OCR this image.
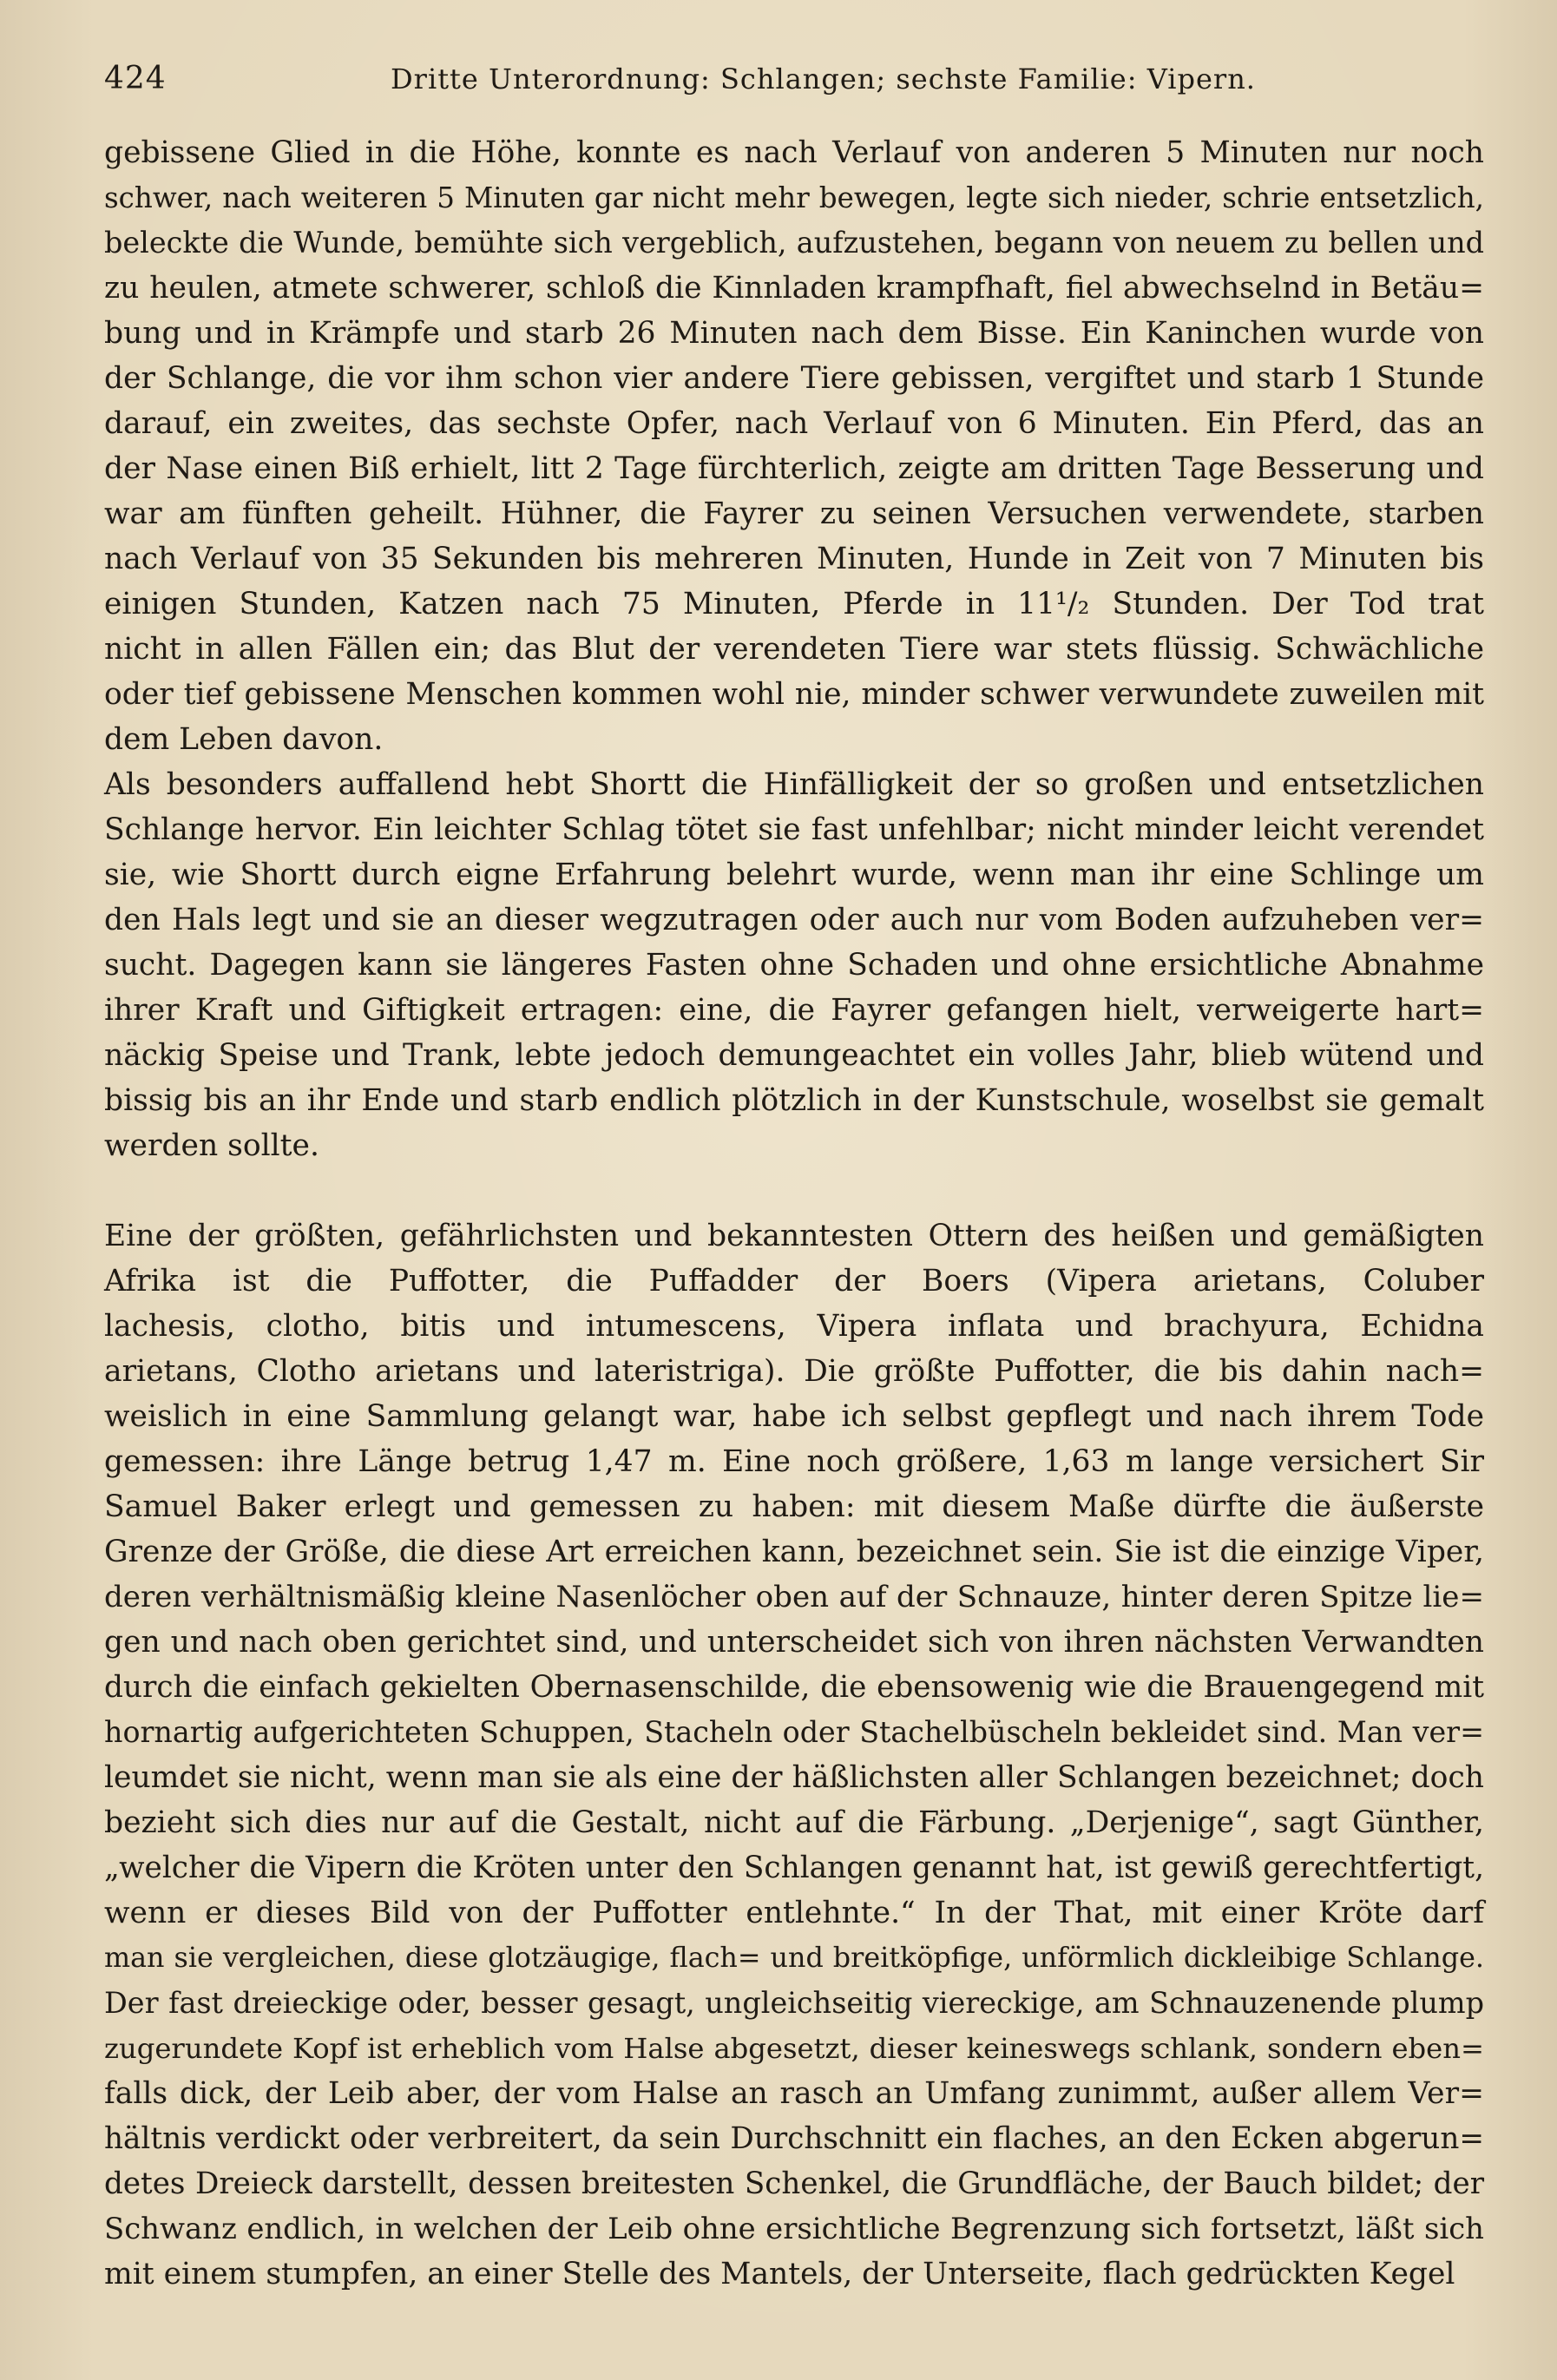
424	Dritte Unterordnung: Schlangen; sechste Familie: Vipern.
gebissene Glied in die Höhe, konnte es nach Verlauf von anderen 5 Minuten nur noch
schwer, nach weiteren 5 Minuten gar nicht mehr bewegen, legte sich nieder, schrie entsetzlich,
beleckte die Wunde, bemühte sich vergeblich, aufzustehen, begann von neuem zu bellen und
zu heulen, atmete schwerer, schloß die Kinnladen krampfhaft, fiel abwechselnd in Betäu=
bung und in Krämpfe und starb 26 Minuten nach dem Bisse. Ein Kaninchen wurde von
der Schlange, die vor ihm schon vier andere Tiere gebissen, vergiftet und starb 1 Stunde
darauf, ein zweites, das sechste Opfer, nach Verlauf von 6 Minuten. Ein Pferd, das an
der Nase einen Biß erhielt, litt 2 Tage fürchterlich, zeigte am dritten Tage Besserung und
war am fünften geheilt. Hühner, die Fayrer zu seinen Versuchen verwendete, starben
nach Verlauf von 35 Sekunden bis mehreren Minuten, Hunde in Zeit von 7 Minuten bis
einigen Stunden, Katzen nach 75 Minuten, Pferde in 11¹/₂ Stunden. Der Tod trat
nicht in allen Fällen ein; das Blut der verendeten Tiere war stets flüssig. Schwächliche
oder tief gebissene Menschen kommen wohl nie, minder schwer verwundete zuweilen mit
dem Leben davon.
Als besonders auffallend hebt Shortt die Hinfälligkeit der so großen und entsetzlichen
Schlange hervor. Ein leichter Schlag tötet sie fast unfehlbar; nicht minder leicht verendet
sie, wie Shortt durch eigne Erfahrung belehrt wurde, wenn man ihr eine Schlinge um
den Hals legt und sie an dieser wegzutragen oder auch nur vom Boden aufzuheben ver=
sucht. Dagegen kann sie längeres Fasten ohne Schaden und ohne ersichtliche Abnahme
ihrer Kraft und Giftigkeit ertragen: eine, die Fayrer gefangen hielt, verweigerte hart=
näckig Speise und Trank, lebte jedoch demungeachtet ein volles Jahr, blieb wütend und
bissig bis an ihr Ende und starb endlich plötzlich in der Kunstschule, woselbst sie gemalt
werden sollte.
Eine der größten, gefährlichsten und bekanntesten Ottern des heißen und gemäßigten
Afrika ist die Puffotter, die Puffadder der Boers (Vipera arietans, Coluber
lachesis, clotho, bitis und intumescens, Vipera inflata und brachyura, Echidna
arietans, Clotho arietans und lateristriga). Die größte Puffotter, die bis dahin nach=
weislich in eine Sammlung gelangt war, habe ich selbst gepflegt und nach ihrem Tode
gemessen: ihre Länge betrug 1,47 m. Eine noch größere, 1,63 m lange versichert Sir
Samuel Baker erlegt und gemessen zu haben: mit diesem Maße dürfte die äußerste
Grenze der Größe, die diese Art erreichen kann, bezeichnet sein. Sie ist die einzige Viper,
deren verhältnismäßig kleine Nasenlöcher oben auf der Schnauze, hinter deren Spitze lie=
gen und nach oben gerichtet sind, und unterscheidet sich von ihren nächsten Verwandten
durch die einfach gekielten Obernasenschilde, die ebensowenig wie die Brauengegend mit
hornartig aufgerichteten Schuppen, Stacheln oder Stachelbüscheln bekleidet sind. Man ver=
leumdet sie nicht, wenn man sie als eine der häßlichsten aller Schlangen bezeichnet; doch
bezieht sich dies nur auf die Gestalt, nicht auf die Färbung. „Derjenige“, sagt Günther,
„welcher die Vipern die Kröten unter den Schlangen genannt hat, ist gewiß gerechtfertigt,
wenn er dieses Bild von der Puffotter entlehnte.“ In der That, mit einer Kröte darf
man sie vergleichen, diese glotzäugige, flach= und breitköpfige, unförmlich dickleibige Schlange.
Der fast dreieckige oder, besser gesagt, ungleichseitig viereckige, am Schnauzenende plump
zugerundete Kopf ist erheblich vom Halse abgesetzt, dieser keineswegs schlank, sondern eben=
falls dick, der Leib aber, der vom Halse an rasch an Umfang zunimmt, außer allem Ver=
hältnis verdickt oder verbreitert, da sein Durchschnitt ein flaches, an den Ecken abgerun=
detes Dreieck darstellt, dessen breitesten Schenkel, die Grundfläche, der Bauch bildet; der
Schwanz endlich, in welchen der Leib ohne ersichtliche Begrenzung sich fortsetzt, läßt sich
mit einem stumpfen, an einer Stelle des Mantels, der Unterseite, flach gedrückten Kegel
